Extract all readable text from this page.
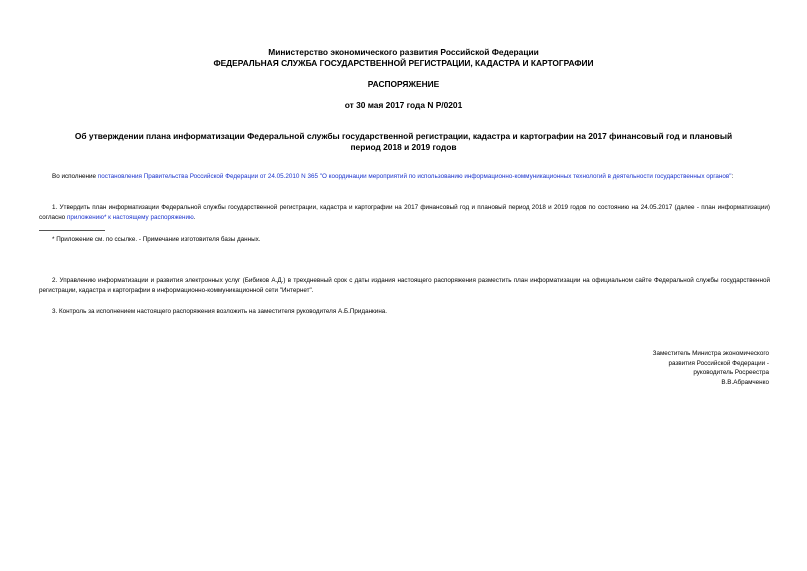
Министерство экономического развития Российской Федерации
ФЕДЕРАЛЬНАЯ СЛУЖБА ГОСУДАРСТВЕННОЙ РЕГИСТРАЦИИ, КАДАСТРА И КАРТОГРАФИИ
РАСПОРЯЖЕНИЕ
от 30 мая 2017 года N Р/0201
Об утверждении плана информатизации Федеральной службы государственной регистрации, кадастра и картографии на 2017 финансовый год и плановый
период 2018 и 2019 годов
Во исполнение постановления Правительства Российской Федерации от 24.05.2010 N 365 "О координации мероприятий по использованию информационно-коммуникационных технологий в деятельности государственных органов":
1. Утвердить план информатизации Федеральной службы государственной регистрации, кадастра и картографии на 2017 финансовый год и плановый период 2018 и 2019 годов по состоянию на 24.05.2017 (далее - план информатизации) согласно приложению* к настоящему распоряжению.
* Приложение см. по ссылке. - Примечание изготовителя базы данных.
2. Управлению информатизации и развития электронных услуг (Бибиков А.Д.) в трехдневный срок с даты издания настоящего распоряжения разместить план информатизации на официальном сайте Федеральной службы государственной регистрации, кадастра и картографии в информационно-коммуникационной сети "Интернет".
3. Контроль за исполнением настоящего распоряжения возложить на заместителя руководителя А.Б.Приданкина.
Заместитель Министра экономического
развития Российской Федерации -
руководитель Росреестра
В.В.Абрамченко
